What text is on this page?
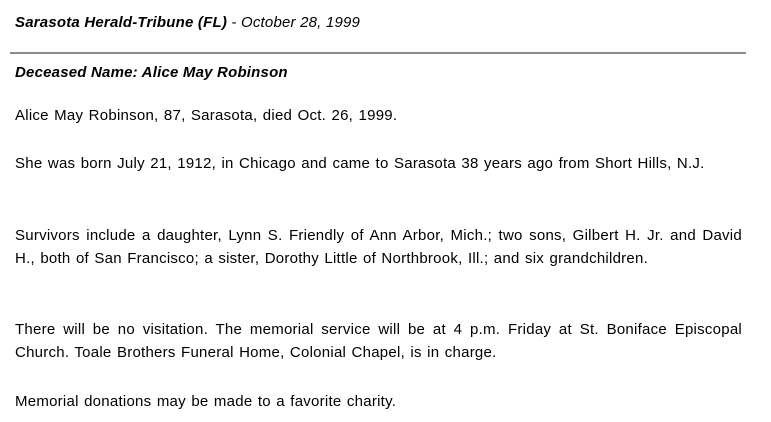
Sarasota Herald-Tribune (FL) - October 28, 1999
Deceased Name: Alice May Robinson

Alice May Robinson, 87, Sarasota, died Oct. 26, 1999.

She was born July 21, 1912, in Chicago and came to Sarasota 38 years ago from Short Hills, N.J.

Survivors include a daughter, Lynn S. Friendly of Ann Arbor, Mich.; two sons, Gilbert H. Jr. and David H., both of San Francisco; a sister, Dorothy Little of Northbrook, Ill.; and six grandchildren.

There will be no visitation. The memorial service will be at 4 p.m. Friday at St. Boniface Episcopal Church. Toale Brothers Funeral Home, Colonial Chapel, is in charge.

Memorial donations may be made to a favorite charity.
